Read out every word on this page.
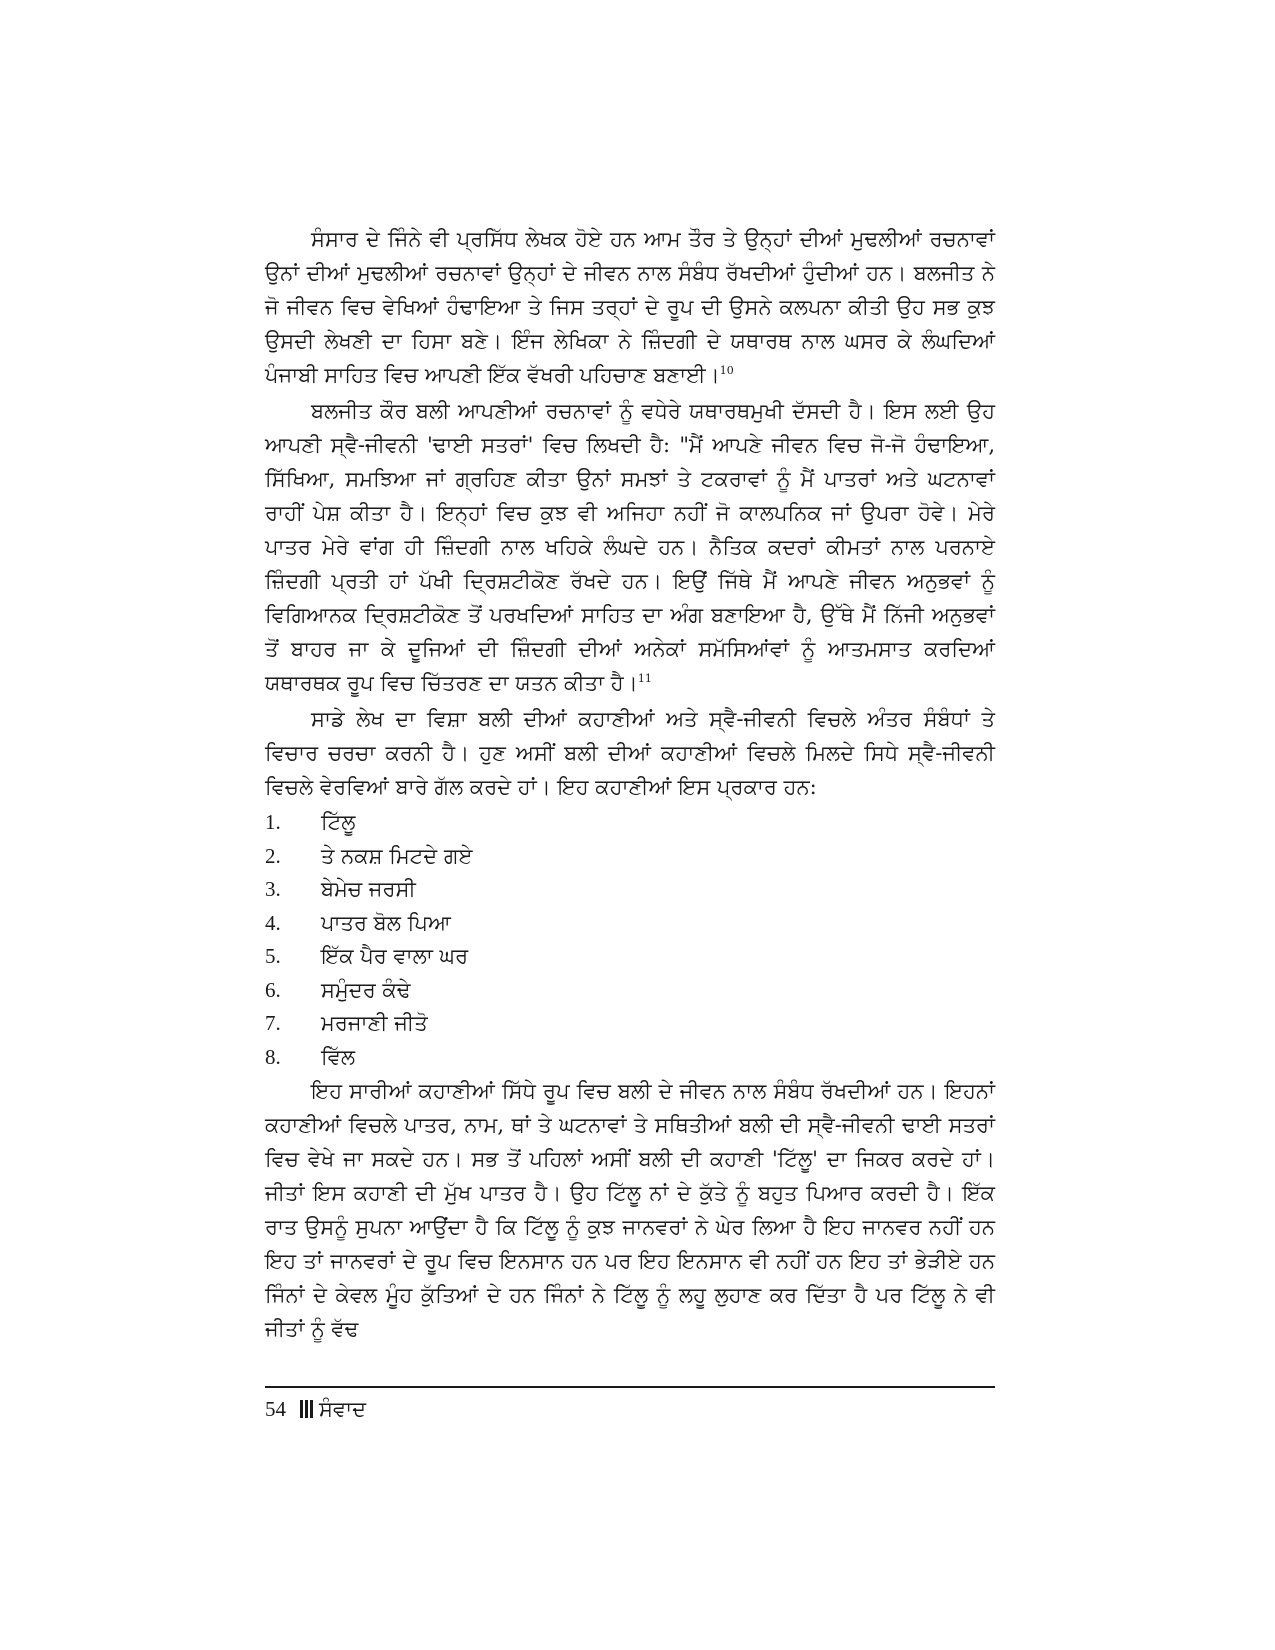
ਸੰਸਾਰ ਦੇ ਜਿੰਨੇ ਵੀ ਪ੍ਰਸਿੱਧ ਲੇਖਕ ਹੋਏ ਹਨ ਆਮ ਤੌਰ ਤੇ ਉਨ੍ਹਾਂ ਦੀਆਂ ਮੁਢਲੀਆਂ ਰਚਨਾਵਾਂ ਉਨਾਂ ਦੀਆਂ ਮੁਢਲੀਆਂ ਰਚਨਾਵਾਂ ਉਨ੍ਹਾਂ ਦੇ ਜੀਵਨ ਨਾਲ ਸੰਬੰਧ ਰੱਖਦੀਆਂ ਹੁੰਦੀਆਂ ਹਨ। ਬਲਜੀਤ ਨੇ ਜੋ ਜੀਵਨ ਵਿਚ ਵੇਖਿਆਂ ਹੰਢਾਇਆ ਤੇ ਜਿਸ ਤਰ੍ਹਾਂ ਦੇ ਰੂਪ ਦੀ ਉਸਨੇ ਕਲਪਨਾ ਕੀਤੀ ਉਹ ਸਭ ਕੁਝ ਉਸਦੀ ਲੇਖਣੀ ਦਾ ਹਿਸਾ ਬਣੇ। ਇੰਜ ਲੇਖਿਕਾ ਨੇ ਜ਼ਿੰਦਗੀ ਦੇ ਯਥਾਰਥ ਨਾਲ ਘਸਰ ਕੇ ਲੰਘਦਿਆਂ ਪੰਜਾਬੀ ਸਾਹਿਤ ਵਿਚ ਆਪਣੀ ਇੱਕ ਵੱਖਰੀ ਪਹਿਚਾਣ ਬਣਾਈ।$^{10}$

ਬਲਜੀਤ ਕੌਰ ਬਲੀ ਆਪਣੀਆਂ ਰਚਨਾਵਾਂ ਨੂੰ ਵਧੇਰੇ ਯਥਾਰਥਮੁਖੀ ਦੱਸਦੀ ਹੈ। ਇਸ ਲਈ ਉਹ ਆਪਣੀ ਸ੍ਵੈ-ਜੀਵਨੀ 'ਢਾਈ ਸਤਰਾਂ' ਵਿਚ ਲਿਖਦੀ ਹੈ: "ਮੈਂ ਆਪਣੇ ਜੀਵਨ ਵਿਚ ਜੋ-ਜੋ ਹੰਢਾਇਆ, ਸਿੱਖਿਆ, ਸਮਝਿਆ ਜਾਂ ਗ੍ਰਹਿਣ ਕੀਤਾ ਉਨਾਂ ਸਮਝਾਂ ਤੇ ਟਕਰਾਵਾਂ ਨੂੰ ਮੈਂ ਪਾਤਰਾਂ ਅਤੇ ਘਟਨਾਵਾਂ ਰਾਹੀਂ ਪੇਸ਼ ਕੀਤਾ ਹੈ। ਇਨ੍ਹਾਂ ਵਿਚ ਕੁਝ ਵੀ ਅਜਿਹਾ ਨਹੀਂ ਜੋ ਕਾਲਪਨਿਕ ਜਾਂ ਉਪਰਾ ਹੋਵੇ। ਮੇਰੇ ਪਾਤਰ ਮੇਰੇ ਵਾਂਗ ਹੀ ਜ਼ਿੰਦਗੀ ਨਾਲ ਖਹਿਕੇ ਲੰਘਦੇ ਹਨ। ਨੈਤਿਕ ਕਦਰਾਂ ਕੀਮਤਾਂ ਨਾਲ ਪਰਨਾਏ ਜ਼ਿੰਦਗੀ ਪ੍ਰਤੀ ਹਾਂ ਪੱਖੀ ਦ੍ਰਿਸ਼ਟੀਕੋਣ ਰੱਖਦੇ ਹਨ। ਇਉਂ ਜਿੱਥੇ ਮੈਂ ਆਪਣੇ ਜੀਵਨ ਅਨੁਭਵਾਂ ਨੂੰ ਵਿਗਿਆਨਕ ਦ੍ਰਿਸ਼ਟੀਕੋਣ ਤੋਂ ਪਰਖਦਿਆਂ ਸਾਹਿਤ ਦਾ ਅੰਗ ਬਣਾਇਆ ਹੈ, ਉੱਥੇ ਮੈਂ ਨਿੱਜੀ ਅਨੁਭਵਾਂ ਤੋਂ ਬਾਹਰ ਜਾ ਕੇ ਦੂਜਿਆਂ ਦੀ ਜ਼ਿੰਦਗੀ ਦੀਆਂ ਅਨੇਕਾਂ ਸਮੱਸਿਆਂਵਾਂ ਨੂੰ ਆਤਮਸਾਤ ਕਰਦਿਆਂ ਯਥਾਰਥਕ ਰੂਪ ਵਿਚ ਚਿੱਤਰਣ ਦਾ ਯਤਨ ਕੀਤਾ ਹੈ।$^{11}$

ਸਾਡੇ ਲੇਖ ਦਾ ਵਿਸ਼ਾ ਬਲੀ ਦੀਆਂ ਕਹਾਣੀਆਂ ਅਤੇ ਸ੍ਵੈ-ਜੀਵਨੀ ਵਿਚਲੇ ਅੰਤਰ ਸੰਬੰਧਾਂ ਤੇ ਵਿਚਾਰ ਚਰਚਾ ਕਰਨੀ ਹੈ। ਹੁਣ ਅਸੀਂ ਬਲੀ ਦੀਆਂ ਕਹਾਣੀਆਂ ਵਿਚਲੇ ਮਿਲਦੇ ਸਿਧੇ ਸ੍ਵੈ-ਜੀਵਨੀ ਵਿਚਲੇ ਵੇਰਵਿਆਂ ਬਾਰੇ ਗੱਲ ਕਰਦੇ ਹਾਂ। ਇਹ ਕਹਾਣੀਆਂ ਇਸ ਪ੍ਰਕਾਰ ਹਨ:

1.	ਟਿੱਲੂ
2.	ਤੇ ਨਕਸ਼ ਮਿਟਦੇ ਗਏ
3.	ਬੇਮੇਚ ਜਰਸੀ
4.	ਪਾਤਰ ਬੋਲ ਪਿਆ
5.	ਇੱਕ ਪੈਰ ਵਾਲਾ ਘਰ
6.	ਸਮੁੰਦਰ ਕੰਢੇ
7.	ਮਰਜਾਣੀ ਜੀਤੋ
8.	ਵਿੱਲ

ਇਹ ਸਾਰੀਆਂ ਕਹਾਣੀਆਂ ਸਿੱਧੇ ਰੂਪ ਵਿਚ ਬਲੀ ਦੇ ਜੀਵਨ ਨਾਲ ਸੰਬੰਧ ਰੱਖਦੀਆਂ ਹਨ। ਇਹਨਾਂ ਕਹਾਣੀਆਂ ਵਿਚਲੇ ਪਾਤਰ, ਨਾਮ, ਥਾਂ ਤੇ ਘਟਨਾਵਾਂ ਤੇ ਸਥਿਤੀਆਂ ਬਲੀ ਦੀ ਸ੍ਵੈ-ਜੀਵਨੀ ਢਾਈ ਸਤਰਾਂ ਵਿਚ ਵੇਖੇ ਜਾ ਸਕਦੇ ਹਨ। ਸਭ ਤੋਂ ਪਹਿਲਾਂ ਅਸੀਂ ਬਲੀ ਦੀ ਕਹਾਣੀ 'ਟਿੱਲੂ' ਦਾ ਜਿਕਰ ਕਰਦੇ ਹਾਂ। ਜੀਤਾਂ ਇਸ ਕਹਾਣੀ ਦੀ ਮੁੱਖ ਪਾਤਰ ਹੈ। ਉਹ ਟਿੱਲੂ ਨਾਂ ਦੇ ਕੁੱਤੇ ਨੂੰ ਬਹੁਤ ਪਿਆਰ ਕਰਦੀ ਹੈ। ਇੱਕ ਰਾਤ ਉਸਨੂੰ ਸੁਪਨਾ ਆਉਂਦਾ ਹੈ ਕਿ ਟਿੱਲੂ ਨੂੰ ਕੁਝ ਜਾਨਵਰਾਂ ਨੇ ਘੇਰ ਲਿਆ ਹੈ ਇਹ ਜਾਨਵਰ ਨਹੀਂ ਹਨ ਇਹ ਤਾਂ ਜਾਨਵਰਾਂ ਦੇ ਰੂਪ ਵਿਚ ਇਨਸਾਨ ਹਨ ਪਰ ਇਹ ਇਨਸਾਨ ਵੀ ਨਹੀਂ ਹਨ ਇਹ ਤਾਂ ਭੇੜੀਏ ਹਨ ਜਿੰਨਾਂ ਦੇ ਕੇਵਲ ਮੂੰਹ ਕੁੱਤਿਆਂ ਦੇ ਹਨ ਜਿੰਨਾਂ ਨੇ ਟਿੱਲੂ ਨੂੰ ਲਹੂ ਲੁਹਾਣ ਕਰ ਦਿੱਤਾ ਹੈ ਪਰ ਟਿੱਲੂ ਨੇ ਵੀ ਜੀਤਾਂ ਨੂੰ ਵੱਢ

54 ਸੰਵਾਦ
